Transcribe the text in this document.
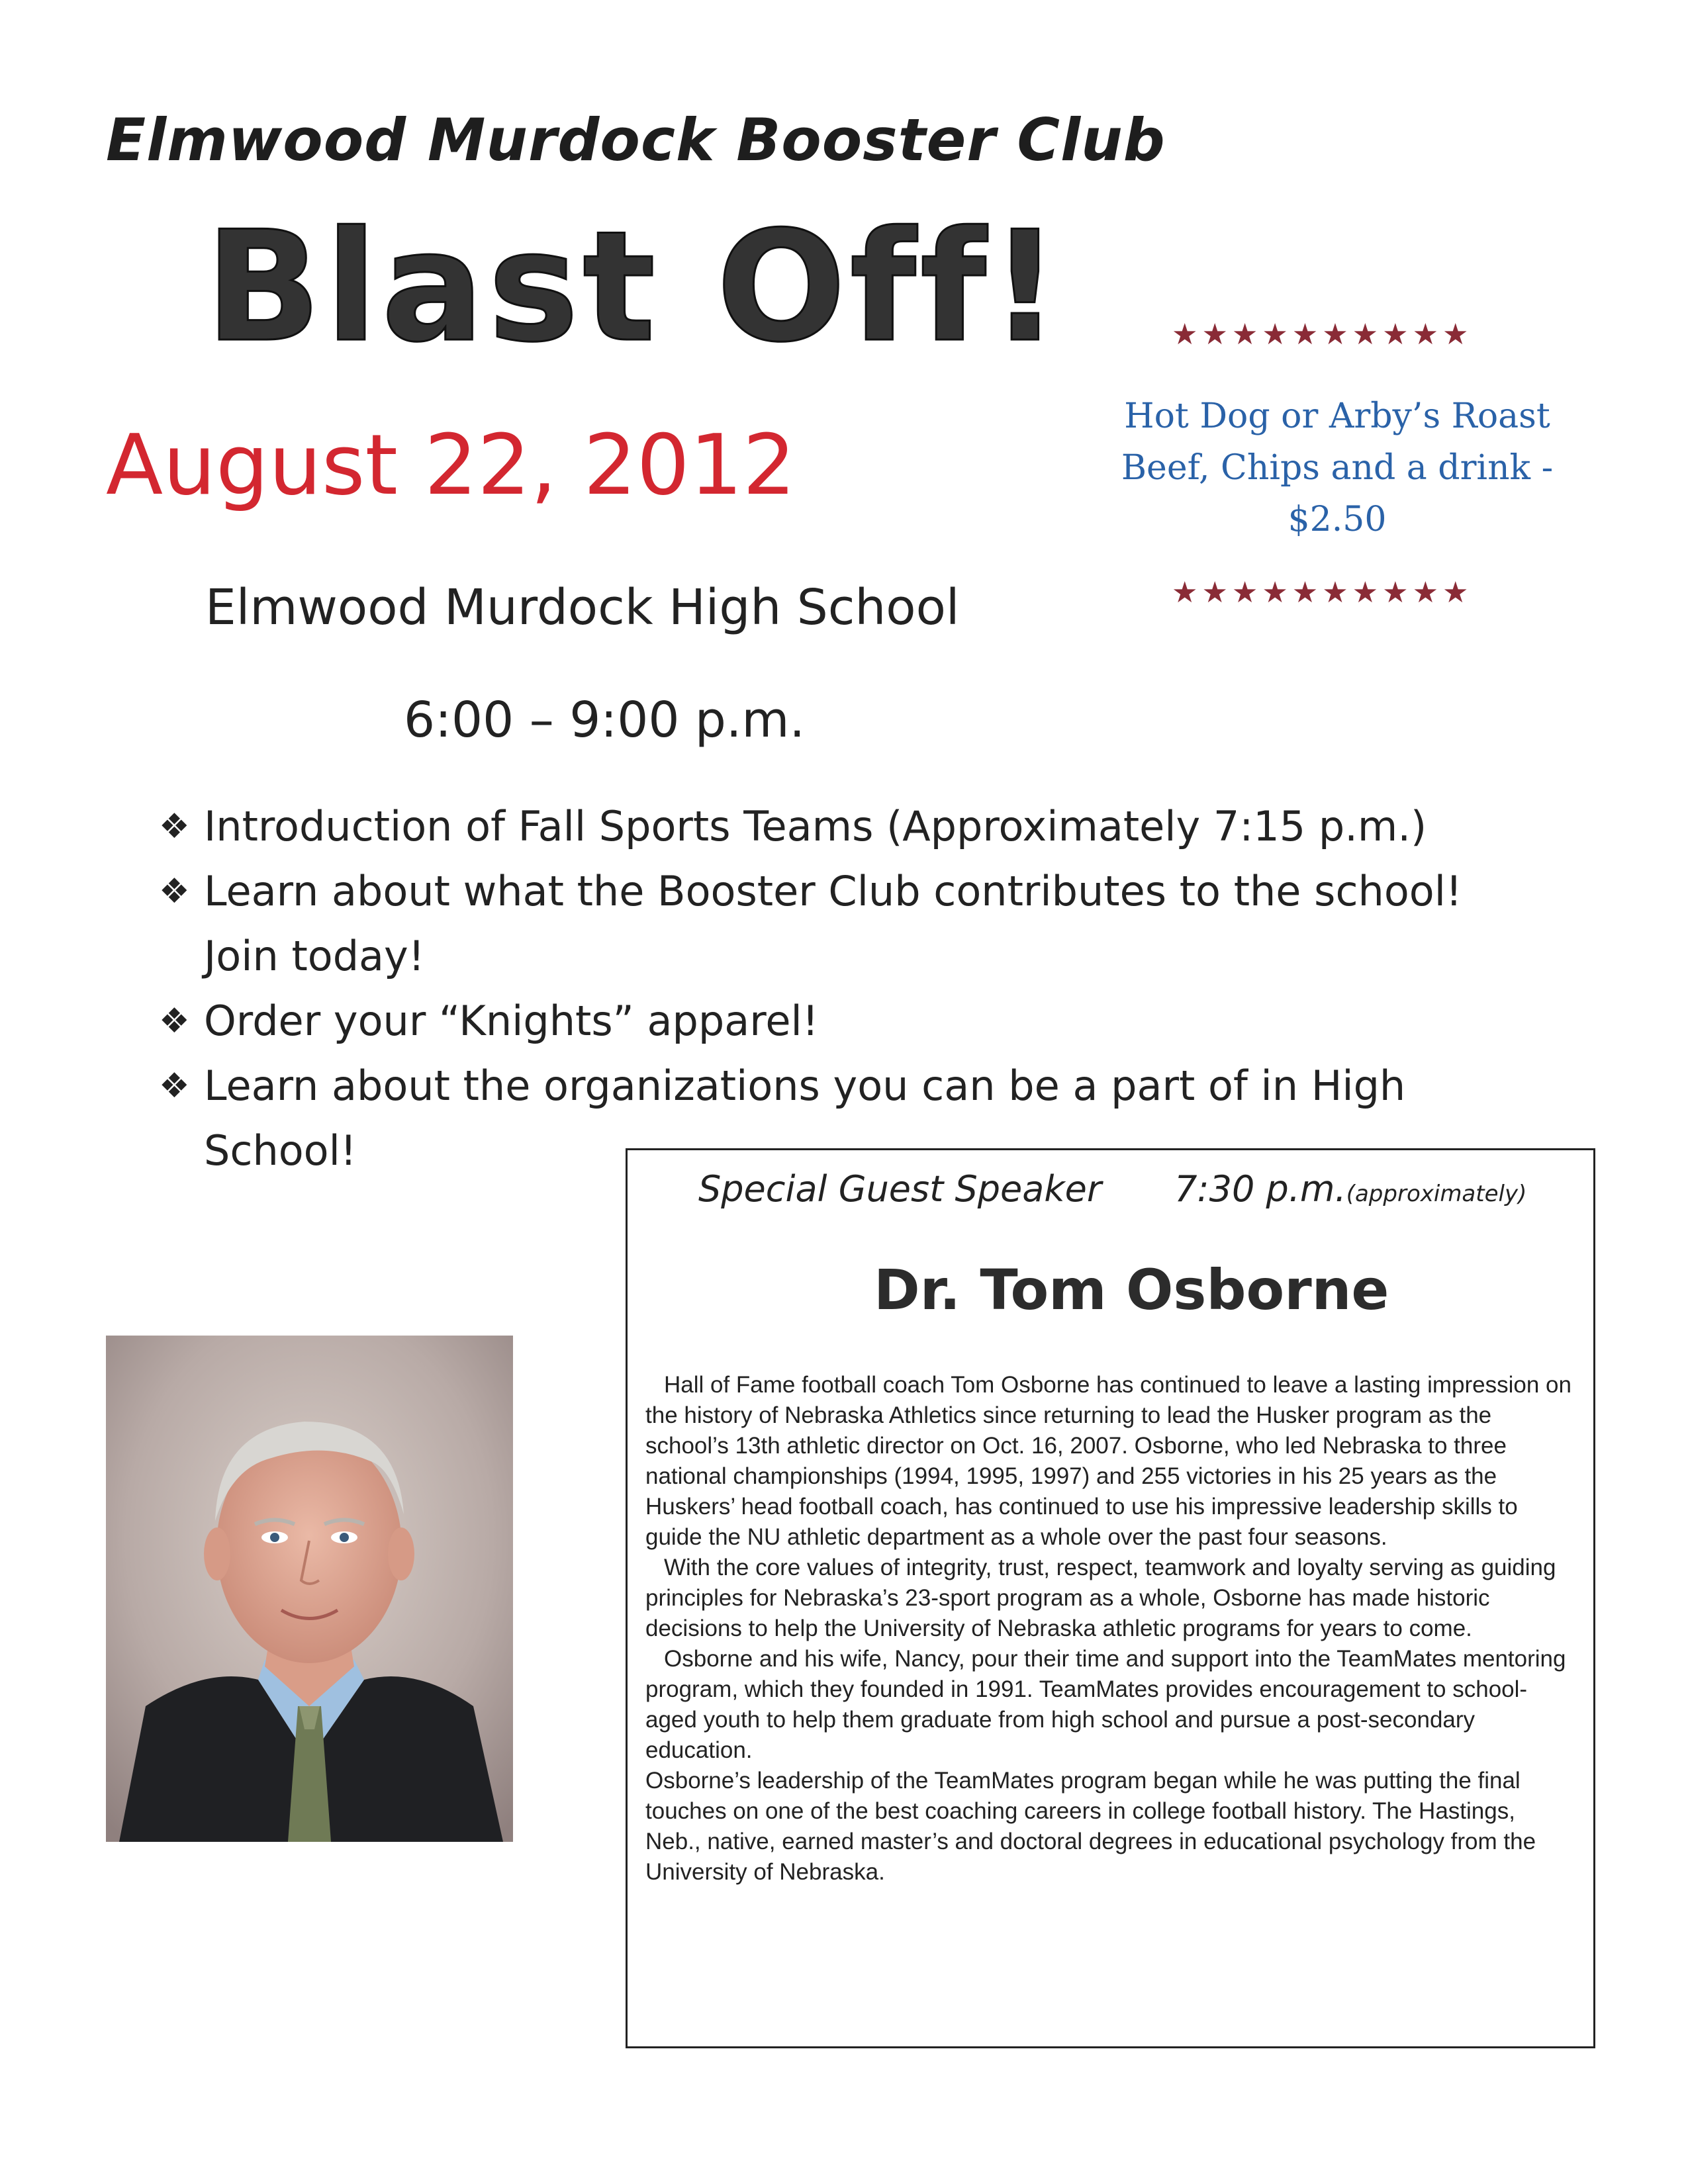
Elmwood Murdock Booster Club
Blast Off!
August 22, 2012
Elmwood Murdock High School
6:00 – 9:00 p.m.
★★★★★★★★★★
Hot Dog or Arby’s Roast Beef, Chips and a drink - $2.50
★★★★★★★★★★
❖ Introduction of Fall Sports Teams (Approximately 7:15 p.m.)
❖ Learn about what the Booster Club contributes to the school! Join today!
❖ Order your “Knights” apparel!
❖ Learn about the organizations you can be a part of in High School!
Special Guest Speaker 7:30 p.m.(approximately)
Dr. Tom Osborne

Hall of Fame football coach Tom Osborne has continued to leave a lasting impression on the history of Nebraska Athletics since returning to lead the Husker program as the school’s 13th athletic director on Oct. 16, 2007. Osborne, who led Nebraska to three national championships (1994, 1995, 1997) and 255 victories in his 25 years as the Huskers’ head football coach, has continued to use his impressive leadership skills to guide the NU athletic department as a whole over the past four seasons.

With the core values of integrity, trust, respect, teamwork and loyalty serving as guiding principles for Nebraska’s 23-sport program as a whole, Osborne has made historic decisions to help the University of Nebraska athletic programs for years to come.

Osborne and his wife, Nancy, pour their time and support into the TeamMates mentoring program, which they founded in 1991. TeamMates provides encouragement to school-aged youth to help them graduate from high school and pursue a post-secondary education.

Osborne’s leadership of the TeamMates program began while he was putting the final touches on one of the best coaching careers in college football history. The Hastings, Neb., native, earned master’s and doctoral degrees in educational psychology from the University of Nebraska.
